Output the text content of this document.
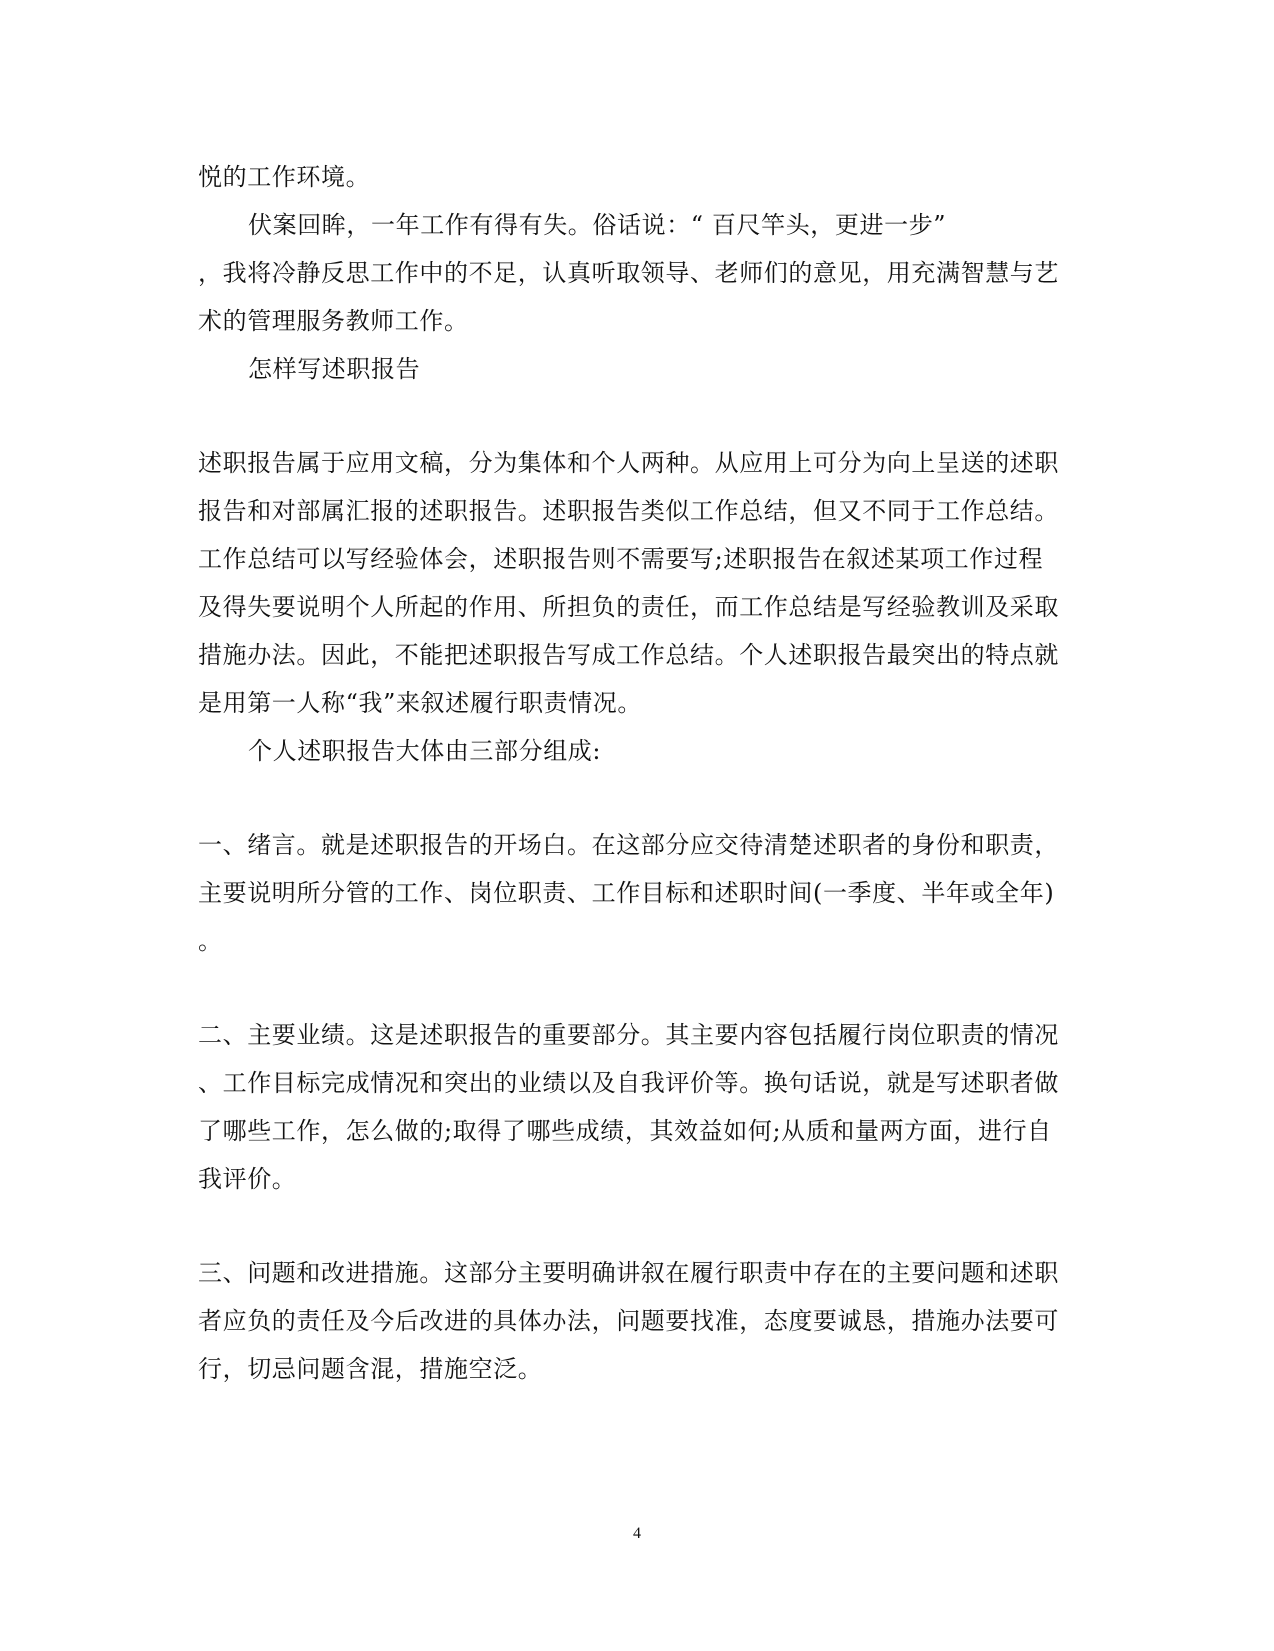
悦的工作环境。
伏案回眸，一年工作有得有失。俗话说：“ 百尺竿头，更进一步”
，我将冷静反思工作中的不足，认真听取领导、老师们的意见，用充满智慧与艺
术的管理服务教师工作。
怎样写述职报告
述职报告属于应用文稿，分为集体和个人两种。从应用上可分为向上呈送的述职
报告和对部属汇报的述职报告。述职报告类似工作总结，但又不同于工作总结。
工作总结可以写经验体会，述职报告则不需要写;述职报告在叙述某项工作过程
及得失要说明个人所起的作用、所担负的责任，而工作总结是写经验教训及采取
措施办法。因此，不能把述职报告写成工作总结。个人述职报告最突出的特点就
是用第一人称“我”来叙述履行职责情况。
个人述职报告大体由三部分组成:
一、绪言。就是述职报告的开场白。在这部分应交待清楚述职者的身份和职责，
主要说明所分管的工作、岗位职责、工作目标和述职时间(一季度、半年或全年)
。
二、主要业绩。这是述职报告的重要部分。其主要内容包括履行岗位职责的情况
、工作目标完成情况和突出的业绩以及自我评价等。换句话说，就是写述职者做
了哪些工作，怎么做的;取得了哪些成绩，其效益如何;从质和量两方面，进行自
我评价。
三、问题和改进措施。这部分主要明确讲叙在履行职责中存在的主要问题和述职
者应负的责任及今后改进的具体办法，问题要找准，态度要诚恳，措施办法要可
行，切忌问题含混，措施空泛。
4
